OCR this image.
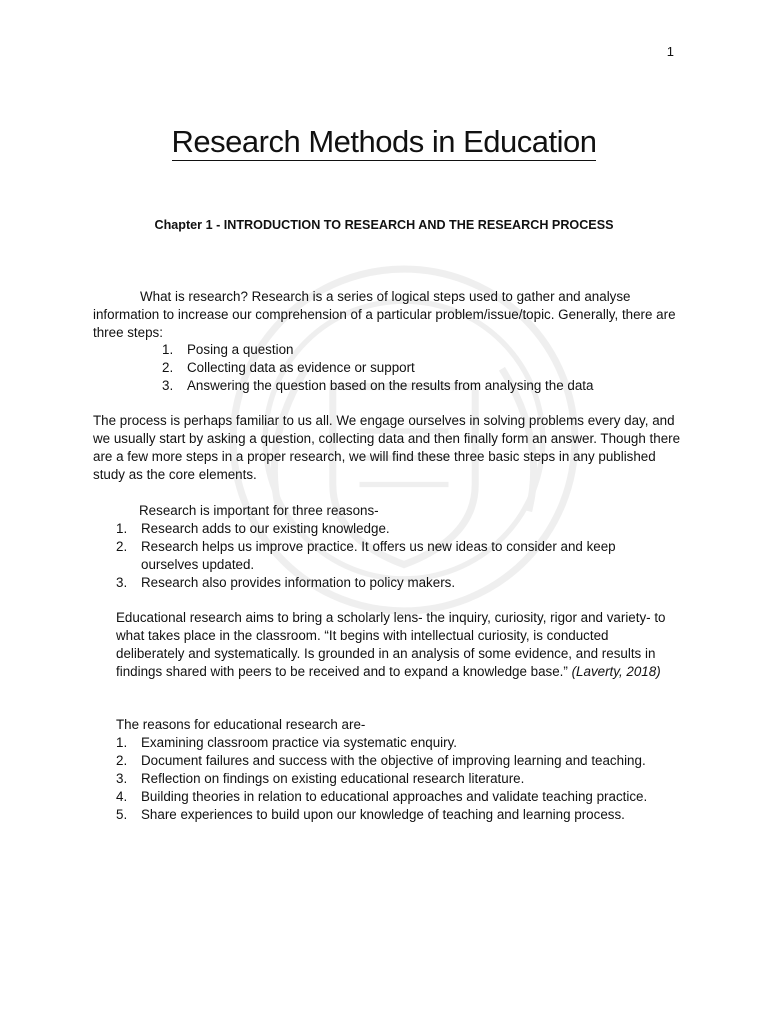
1
Research Methods in Education
Chapter 1 - INTRODUCTION TO RESEARCH AND THE RESEARCH PROCESS

What is research? Research is a series of logical steps used to gather and analyse information to increase our comprehension of a particular problem/issue/topic. Generally, there are three steps:

1. Posing a question
2. Collecting data as evidence or support
3. Answering the question based on the results from analysing the data

The process is perhaps familiar to us all. We engage ourselves in solving problems every day, and we usually start by asking a question, collecting data and then finally form an answer. Though there are a few more steps in a proper research, we will find these three basic steps in any published study as the core elements.

Research is important for three reasons-

1. Research adds to our existing knowledge.
2. Research helps us improve practice. It offers us new ideas to consider and keep ourselves updated.
3. Research also provides information to policy makers.

Educational research aims to bring a scholarly lens- the inquiry, curiosity, rigor and variety- to what takes place in the classroom. “It begins with intellectual curiosity, is conducted deliberately and systematically. Is grounded in an analysis of some evidence, and results in findings shared with peers to be received and to expand a knowledge base.” (Laverty, 2018)

The reasons for educational research are-

1. Examining classroom practice via systematic enquiry.
2. Document failures and success with the objective of improving learning and teaching.
3. Reflection on findings on existing educational research literature.
4. Building theories in relation to educational approaches and validate teaching practice.
5. Share experiences to build upon our knowledge of teaching and learning process.
